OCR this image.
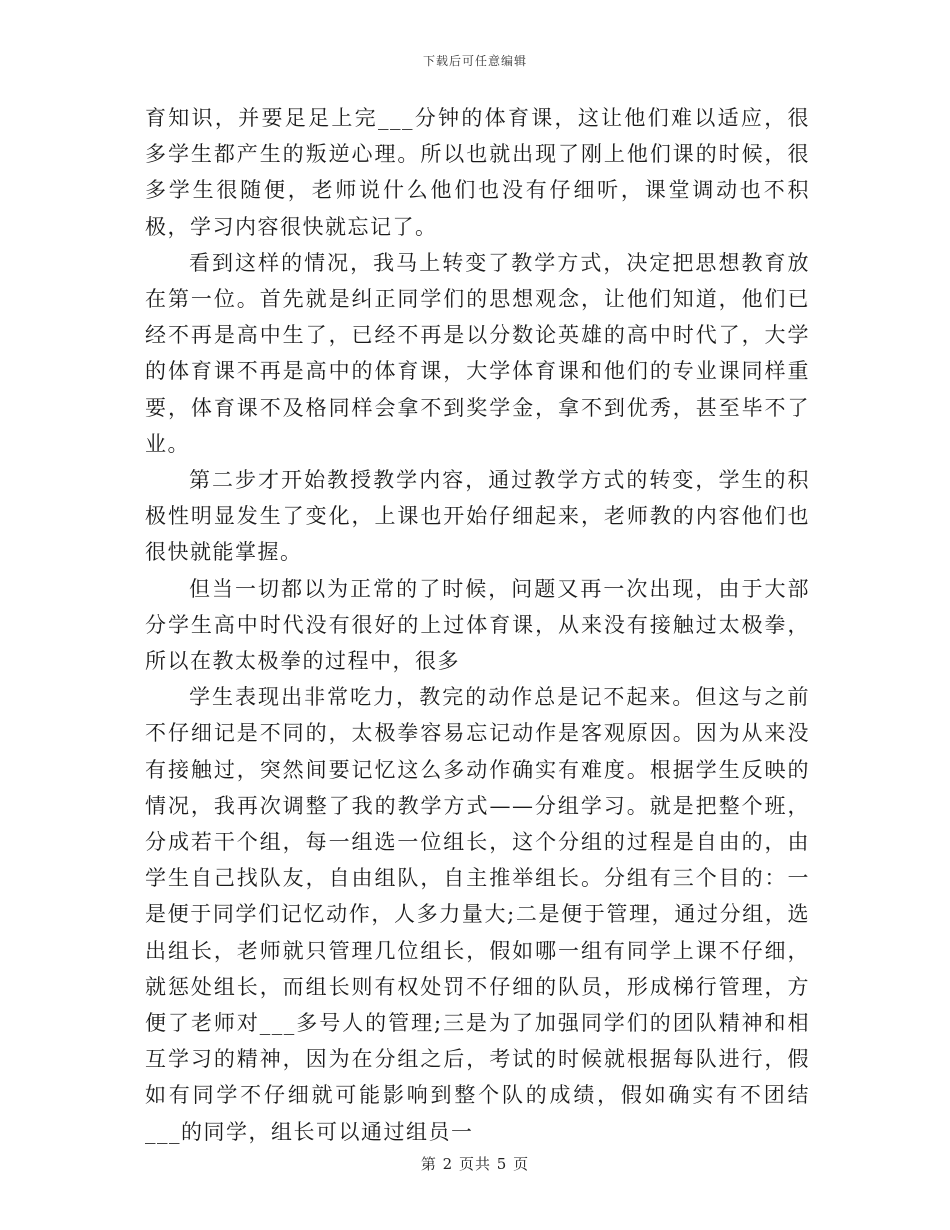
下载后可任意编辑

育知识，并要足足上完___分钟的体育课，这让他们难以适应，很多学生都产生的叛逆心理。所以也就出现了刚上他们课的时候，很多学生很随便，老师说什么他们也没有仔细听，课堂调动也不积极，学习内容很快就忘记了。

看到这样的情况，我马上转变了教学方式，决定把思想教育放在第一位。首先就是纠正同学们的思想观念，让他们知道，他们已经不再是高中生了，已经不再是以分数论英雄的高中时代了，大学的体育课不再是高中的体育课，大学体育课和他们的专业课同样重要，体育课不及格同样会拿不到奖学金，拿不到优秀，甚至毕不了业。

第二步才开始教授教学内容，通过教学方式的转变，学生的积极性明显发生了变化，上课也开始仔细起来，老师教的内容他们也很快就能掌握。

但当一切都以为正常的了时候，问题又再一次出现，由于大部分学生高中时代没有很好的上过体育课，从来没有接触过太极拳，所以在教太极拳的过程中，很多

学生表现出非常吃力，教完的动作总是记不起来。但这与之前不仔细记是不同的，太极拳容易忘记动作是客观原因。因为从来没有接触过，突然间要记忆这么多动作确实有难度。根据学生反映的情况，我再次调整了我的教学方式——分组学习。就是把整个班，分成若干个组，每一组选一位组长，这个分组的过程是自由的，由学生自己找队友，自由组队，自主推举组长。分组有三个目的：一是便于同学们记忆动作，人多力量大;二是便于管理，通过分组，选出组长，老师就只管理几位组长，假如哪一组有同学上课不仔细，就惩处组长，而组长则有权处罚不仔细的队员，形成梯行管理，方便了老师对___多号人的管理;三是为了加强同学们的团队精神和相互学习的精神，因为在分组之后，考试的时候就根据每队进行，假如有同学不仔细就可能影响到整个队的成绩，假如确实有不团结___的同学，组长可以通过组员一

第 2 页共 5 页
